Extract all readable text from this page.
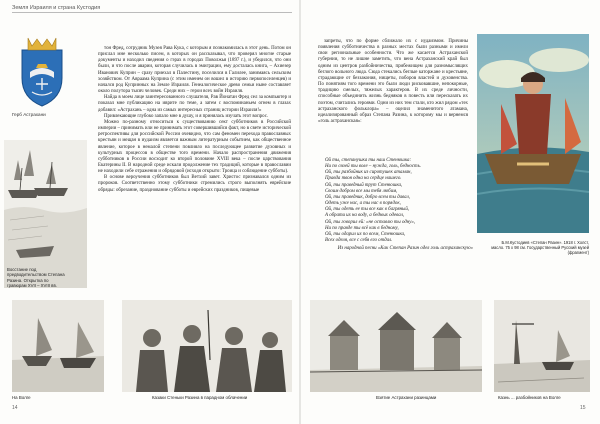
Земля Израиля и страна Кустодия
Герб Астрахани
Восстание под предводительством Степана Разина. Открытка по гравюрам XVII – XVIII вв.

тон Фред, сотрудник Музея Рава Кука, с которым я познакомилась в этот день. Потом он прислал мне несколько писем, в которых он рассказывал, что проверял многие старые документы и находил сведения о гэрах в городах Поволжья (1897 г.), и убедился, что они были, и что после аварии, которая случилась в эмиграции, ему досталась книга, – Ахиезер Иванович Куприн – сразу приехал в Палестину, поселился в Галилее, занимаясь сельским хозяйством. От Авраама Куприна (с этим именем он вошел в историю первопоселенцев) и начался род Купринных на Земле Израиля. Генеалогическое древо семьи ныне составляет около полутора тысяч человек. Среди них – герои всех войн Израиля.

Найда в моем лице заинтересованного слушателя, Рав Йонатан Фред сел за компьютер и показал мне публикацию на иврите по теме, а затем с воспоминаньем огнем в глазах добавил: «Астрахань – одна из самых интересных страниц истории Израиля!»

Привлекающие глубоко запало мне в душу, и я принялась изучать этот вопрос.

Можно по-разному относиться к существованию сект субботников в Российской империи – принимать или не принимать этот совершившийся факт, но в свете исторической ретроспективы для российской России очевидно, что сам феномен перехода православных крестьян и мещан в иудаизм является важным литературным событием, как общественное явление, которое в немалой степени повлияло на последующее развитие духовных и культурных процессов в обществе того времени. Начало распространения движения субботников в России восходит ко второй половине XVIII века – после царствования Екатерины II. В народной среде искали продолжение тех традиций, которые в православии не находили себе отражения и обрядовой (исходя открыто: Троица и соблюдение субботы).

В основе вероучения субботников был Ветхий завет. Христос признавался одним из пророков. Соответственно этому субботники стремились строго выполнять еврейские обряды: обрезание, празднование субботы и еврейских праздников, пищевые

запреты, что по форме сближало их с иудаизмом. Причины появления субботничества в разных местах были разными и имели свои региональные особенности. Что же касается Астраханской губернии, то не лишне заметить, что вена Астраханский край был одним из центров разбойничества, прибежищем для разномыслящих беглого вольного люда. Сюда стекались беглые каторжане и крестьяне, страдающие от беззакония, нищеты, поборов властей и духовенства. По понятиям того времени это были люди рисковавшие, непокорные, традицию смелых, тяжелых характеров. В их среде личности, способные объединить жизнь бедняков в повесть или пересказать их поэтом, считались героями. Одни из них тем стали, кто жил рядом «тех астраханского фольклора» – оцелил знаменитого атамана, идеализированный образ Степана Разина, к которому мы и вернемся «голь астраханская»:

Ой ты, степанушка ты наш Стенюшка:
Ни по своей ты воле – нужда, голь, бедность.
Ой, ты разбойник из сиротушек атаман,
Правда твоя одна на сердце нашего.
Ой, ты праведный трут Стенюшка,
Своим добром все мы тебя любим,
Ой, ты праведник, добро всем ты давал,
Одеть уже нас, а ты нас в порядок,
Ой, ты одеть ее ты все как в багряный,
А обрати их на воду, а бедных одевал,
Ой, ты говорил ей: «не оставлю ты одну»,
Ни по правде ты всё как в бедному,
Ой, ты одарил их по всем, Стенюшка,
Всех оделя, все с себя его отдал.
Из народной песни «Как Степан Разин одел голь астраханскую»
Б.М.Кустодиев «Степан Разин». 1918 г. Холст, масло. 75 x 98 см. Государственный Русский музей (фрагмент)
На Волге	Казаки Стеньки Разина в парадном облачении	Взятие Астрахани разинцами	Казнь ... разбойников на Волге
14	15
